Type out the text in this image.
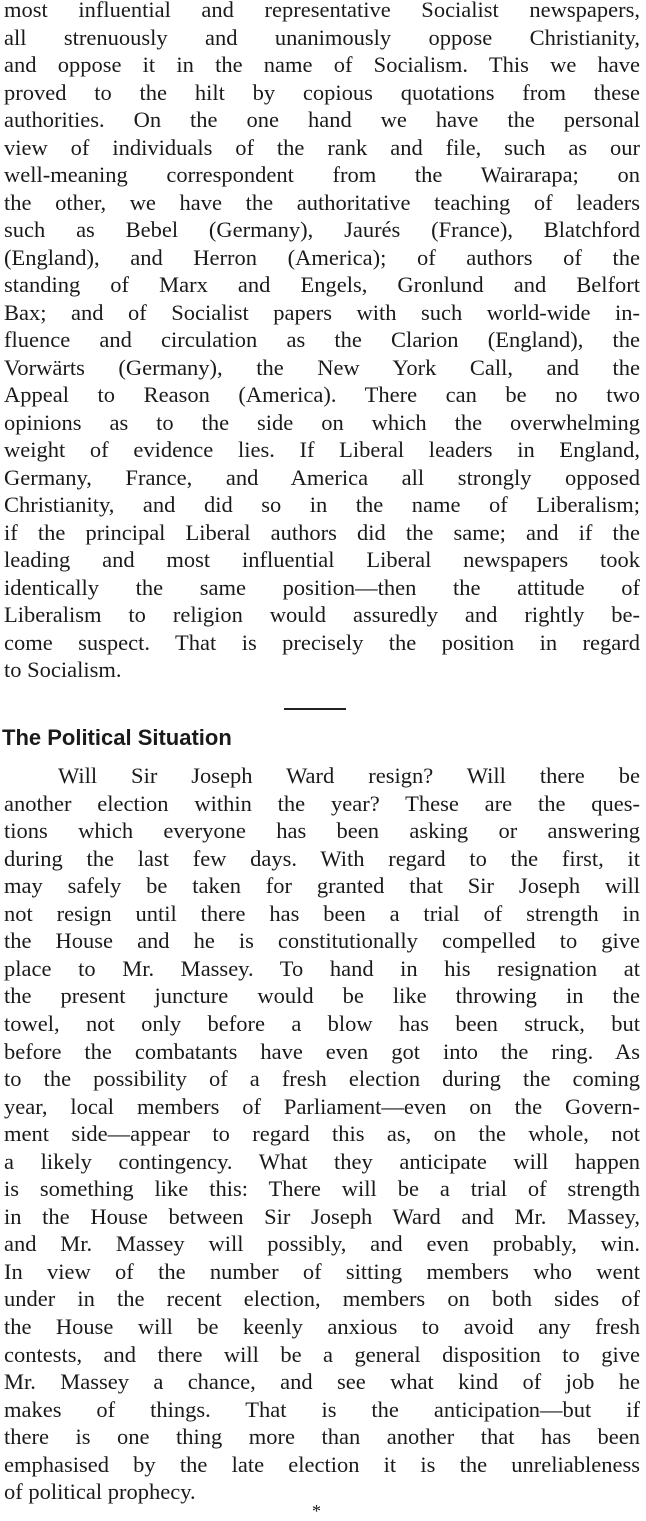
most influential and representative Socialist newspapers,
all strenuously and unanimously oppose Christianity,
and oppose it in the name of Socialism. This we have
proved to the hilt by copious quotations from these
authorities. On the one hand we have the personal
view of individuals of the rank and file, such as our
well-meaning correspondent from the Wairarapa; on
the other, we have the authoritative teaching of leaders
such as Bebel (Germany), Jaurés (France), Blatchford
(England), and Herron (America); of authors of the
standing of Marx and Engels, Gronlund and Belfort
Bax; and of Socialist papers with such world-wide in-
fluence and circulation as the Clarion (England), the
Vorwärts (Germany), the New York Call, and the
Appeal to Reason (America). There can be no two
opinions as to the side on which the overwhelming
weight of evidence lies. If Liberal leaders in England,
Germany, France, and America all strongly opposed
Christianity, and did so in the name of Liberalism;
if the principal Liberal authors did the same; and if the
leading and most influential Liberal newspapers took
identically the same position—then the attitude of
Liberalism to religion would assuredly and rightly be-
come suspect. That is precisely the position in regard
to Socialism.
The Political Situation
Will Sir Joseph Ward resign? Will there be
another election within the year? These are the ques-
tions which everyone has been asking or answering
during the last few days. With regard to the first, it
may safely be taken for granted that Sir Joseph will
not resign until there has been a trial of strength in
the House and he is constitutionally compelled to give
place to Mr. Massey. To hand in his resignation at
the present juncture would be like throwing in the
towel, not only before a blow has been struck, but
before the combatants have even got into the ring. As
to the possibility of a fresh election during the coming
year, local members of Parliament—even on the Govern-
ment side—appear to regard this as, on the whole, not
a likely contingency. What they anticipate will happen
is something like this: There will be a trial of strength
in the House between Sir Joseph Ward and Mr. Massey,
and Mr. Massey will possibly, and even probably, win.
In view of the number of sitting members who went
under in the recent election, members on both sides of
the House will be keenly anxious to avoid any fresh
contests, and there will be a general disposition to give
Mr. Massey a chance, and see what kind of job he
makes of things. That is the anticipation—but if
there is one thing more than another that has been
emphasised by the late election it is the unreliableness
of political prophecy.
*
